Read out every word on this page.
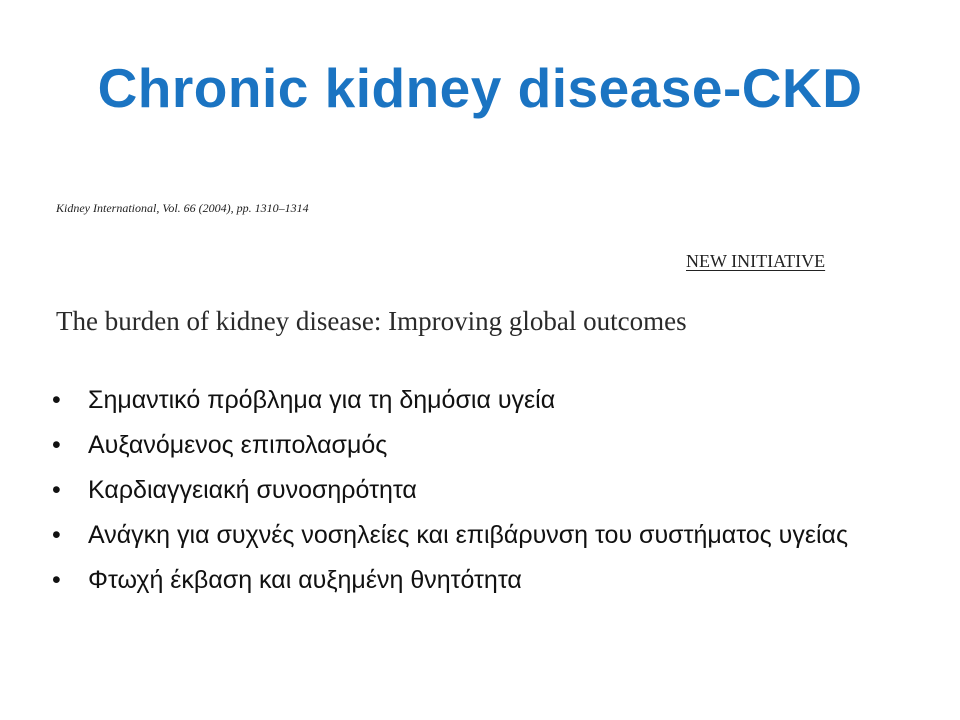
Chronic kidney disease-CKD
Kidney International, Vol. 66 (2004), pp. 1310–1314
NEW INITIATIVE
The burden of kidney disease: Improving global outcomes
• Σημαντικό πρόβλημα για τη δημόσια υγεία
• Αυξανόμενος επιπολασμός
• Καρδιαγγειακή συνοσηρότητα
• Ανάγκη για συχνές νοσηλείες και επιβάρυνση του συστήματος υγείας
• Φτωχή έκβαση και αυξημένη θνητότητα
